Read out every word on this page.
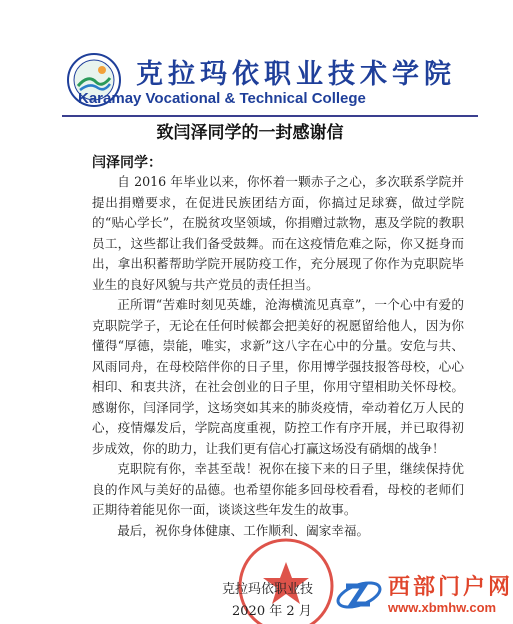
克拉玛依职业技术学院
Karamay Vocational & Technical College
致闫泽同学的一封感谢信
闫泽同学：

自 2016 年毕业以来，你怀着一颗赤子之心，多次联系学院并提出捐赠要求，在促进民族团结方面，你搞过足球赛，做过学院的“贴心学长”，在脱贫攻坚领域，你捐赠过款物，惠及学院的教职员工，这些都让我们备受鼓舞。而在这疫情危难之际，你又挺身而出，拿出积蓄帮助学院开展防疫工作，充分展现了你作为克职院毕业生的良好风貌与共产党员的责任担当。

正所谓“苦难时刻见英雄，沧海横流见真章”，一个心中有爱的克职院学子，无论在任何时候都会把美好的祝愿留给他人，因为你懂得“厚德，崇能，唯实，求新”这八字在心中的分量。安危与共、风雨同舟，在母校陪伴你的日子里，你用博学强技报答母校，心心相印、和衷共济，在社会创业的日子里，你用守望相助关怀母校。感谢你，闫泽同学，这场突如其来的肺炎疫情，牵动着亿万人民的心，疫情爆发后，学院高度重视，防控工作有序开展，并已取得初步成效，你的助力，让我们更有信心打赢这场没有硝烟的战争！

克职院有你，幸甚至哉！祝你在接下来的日子里，继续保持优良的作风与美好的品德。也希望你能多回母校看看，母校的老师们正期待着能见你一面，谈谈这些年发生的故事。

最后，祝你身体健康、工作顺利、阖家幸福。

克拉玛依职业技
2020 年 2 月
西部门户网
www.xbmhw.com
